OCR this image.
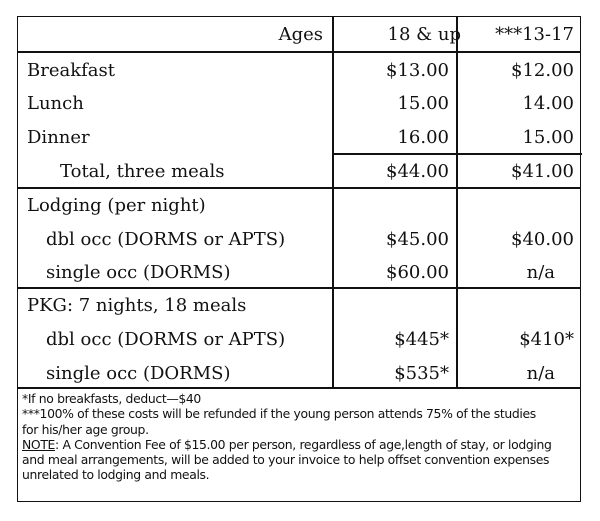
Ages	18 & up	***13-17
Breakfast	$13.00	$12.00
Lunch	15.00	14.00
Dinner	16.00	15.00
Total, three meals	$44.00	$41.00
Lodging (per night)
dbl occ (DORMS or APTS)	$45.00	$40.00
single occ (DORMS)	$60.00	n/a
PKG: 7 nights, 18 meals
dbl occ (DORMS or APTS)	$445*	$410*
single occ (DORMS)	$535*	n/a
*If no breakfasts, deduct—$40
***100% of these costs will be refunded if the young person attends 75% of the studies
for his/her age group.
NOTE: A Convention Fee of $15.00 per person, regardless of age,length of stay, or lodging
and meal arrangements, will be added to your invoice to help offset convention expenses
unrelated to lodging and meals.
